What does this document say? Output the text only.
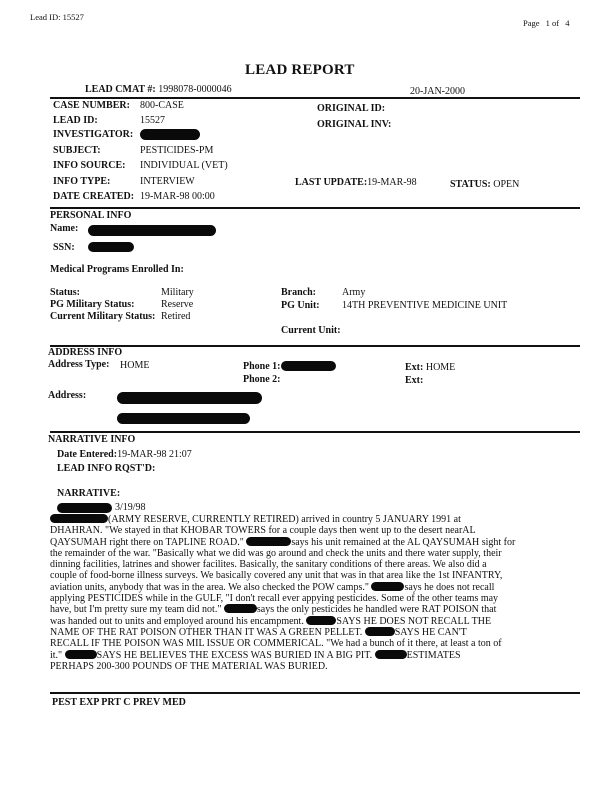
Lead ID: 15527
Page 1 of 4
LEAD REPORT
LEAD CMAT #: 1998078-0000046	20-JAN-2000
CASE NUMBER: 800-CASE
LEAD ID:	15527
INVESTIGATOR:
SUBJECT:	PESTICIDES-PM
INFO SOURCE: INDIVIDUAL (VET)
INFO TYPE:	INTERVIEW
DATE CREATED: 19-MAR-98 00:00
ORIGINAL ID:
ORIGINAL INV:
LAST UPDATE:19-MAR-98	STATUS: OPEN
PERSONAL INFO
Name:
SSN:
Medical Programs Enrolled In:
Status:	Military
PG Military Status:	Reserve
Current Military Status: Retired
Branch:	Army
PG Unit: 14TH PREVENTIVE MEDICINE UNIT
Current Unit:
ADDRESS INFO
Address Type: HOME	Phone 1:
Phone 2:
Ext: HOME
Ext:
Address:
NARRATIVE INFO
Date Entered:19-MAR-98 21:07
LEAD INFO RQST'D:
NARRATIVE:
3/19/98
(ARMY RESERVE, CURRENTLY RETIRED) arrived in country 5 JANUARY 1991 at
DHAHRAN. "We stayed in that KHOBAR TOWERS for a couple days then went up to the desert nearAL
QAYSUMAH right there on TAPLINE ROAD."	says his unit remained at the AL QAYSUMAH sight for
the remainder of the war. "Basically what we did was go around and check the units and there water supply, their
dinning facilities, latrines and shower facilites. Basically, the sanitary conditions of there areas. We also did a
couple of food-borne illness surveys. We basically covered any unit that was in that area like the 1st INFANTRY,
aviation units, anybody that was in the area. We also checked the POW camps."	says he does not recall
applying PESTICIDES while in the GULF, "I don't recall ever appying pesticides. Some of the other teams may
have, but I'm pretty sure my team did not."	says the only pesticides he handled were RAT POISON that
was handed out to units and employed around his encampment.	SAYS HE DOES NOT RECALL THE
NAME OF THE RAT POISON OTHER THAN IT WAS A GREEN PELLET.	SAYS HE CAN'T
RECALL IF THE POISON WAS MIL ISSUE OR COMMERICAL. "We had a bunch of it there, at least a ton of
it."	SAYS HE BELIEVES THE EXCESS WAS BURIED IN A BIG PIT.	ESTIMATES
PERHAPS 200-300 POUNDS OF THE MATERIAL WAS BURIED.
PEST EXP PRT C PREV MED
